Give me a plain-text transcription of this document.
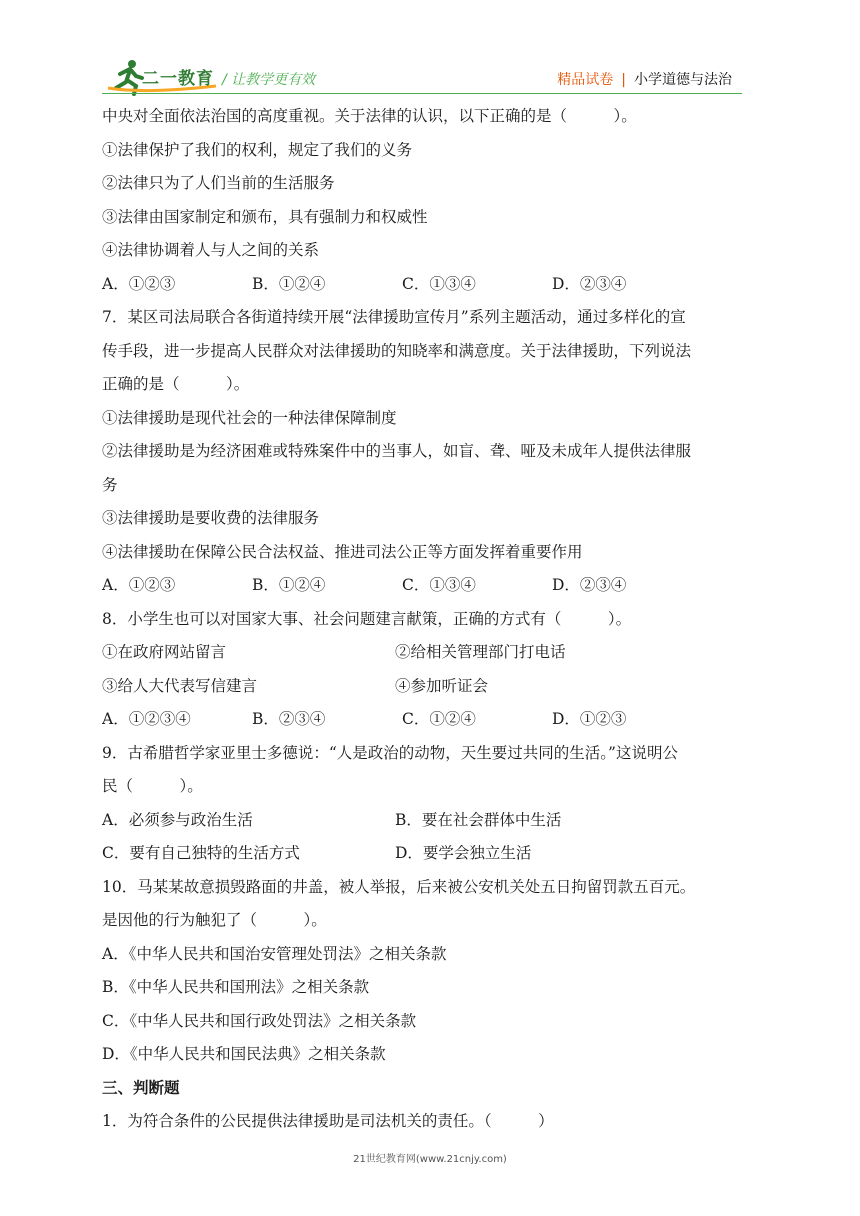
二一教育 / 让教学更有效	精品试卷 | 小学道德与法治
中央对全面依法治国的高度重视。关于法律的认识，以下正确的是（　　　）。
①法律保护了我们的权利，规定了我们的义务
②法律只为了人们当前的生活服务
③法律由国家制定和颁布，具有强制力和权威性
④法律协调着人与人之间的关系
A．①②③	B．①②④	C．①③④	D．②③④
7．某区司法局联合各街道持续开展“法律援助宣传月”系列主题活动，通过多样化的宣
传手段，进一步提高人民群众对法律援助的知晓率和满意度。关于法律援助，下列说法
正确的是（　　　）。
①法律援助是现代社会的一种法律保障制度
②法律援助是为经济困难或特殊案件中的当事人，如盲、聋、哑及未成年人提供法律服
务
③法律援助是要收费的法律服务
④法律援助在保障公民合法权益、推进司法公正等方面发挥着重要作用
A．①②③	B．①②④	C．①③④	D．②③④
8．小学生也可以对国家大事、社会问题建言献策，正确的方式有（　　　）。
①在政府网站留言	②给相关管理部门打电话
③给人大代表写信建言	④参加听证会
A．①②③④	B．②③④	C．①②④	D．①②③
9．古希腊哲学家亚里士多德说：“人是政治的动物，天生要过共同的生活。”这说明公
民（　　　）。
A．必须参与政治生活	B．要在社会群体中生活
C．要有自己独特的生活方式	D．要学会独立生活
10．马某某故意损毁路面的井盖，被人举报，后来被公安机关处五日拘留罚款五百元。
是因他的行为触犯了（　　　）。
A．《中华人民共和国治安管理处罚法》之相关条款
B．《中华人民共和国刑法》之相关条款
C．《中华人民共和国行政处罚法》之相关条款
D．《中华人民共和国民法典》之相关条款
三、判断题
1．为符合条件的公民提供法律援助是司法机关的责任。（　　　）
21世纪教育网(www.21cnjy.com)
